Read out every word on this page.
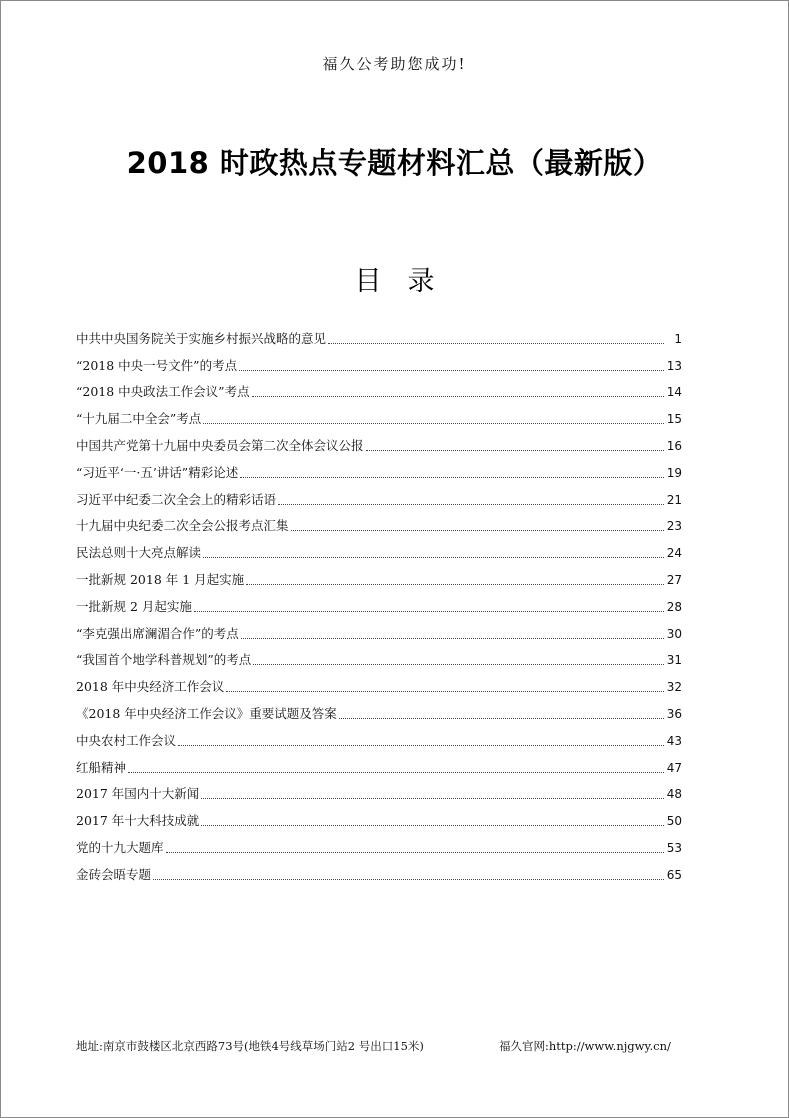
福久公考助您成功!
2018 时政热点专题材料汇总（最新版）
目录
中共中央国务院关于实施乡村振兴战略的意见	1
“2018 中央一号文件”的考点	13
“2018 中央政法工作会议”考点	14
“十九届二中全会”考点	15
中国共产党第十九届中央委员会第二次全体会议公报	16
“习近平‘一·五’讲话”精彩论述	19
习近平中纪委二次全会上的精彩话语	21
十九届中央纪委二次全会公报考点汇集	23
民法总则十大亮点解读	24
一批新规 2018 年 1 月起实施	27
一批新规 2 月起实施	28
“李克强出席澜湄合作”的考点	30
“我国首个地学科普规划”的考点	31
2018 年中央经济工作会议	32
《2018 年中央经济工作会议》重要试题及答案	36
中央农村工作会议	43
红船精神	47
2017 年国内十大新闻	48
2017 年十大科技成就	50
党的十九大题库	53
金砖会晤专题	65
地址:南京市鼓楼区北京西路73号(地铁4号线草场门站2 号出口15米)	福久官网:http://www.njgwy.cn/
